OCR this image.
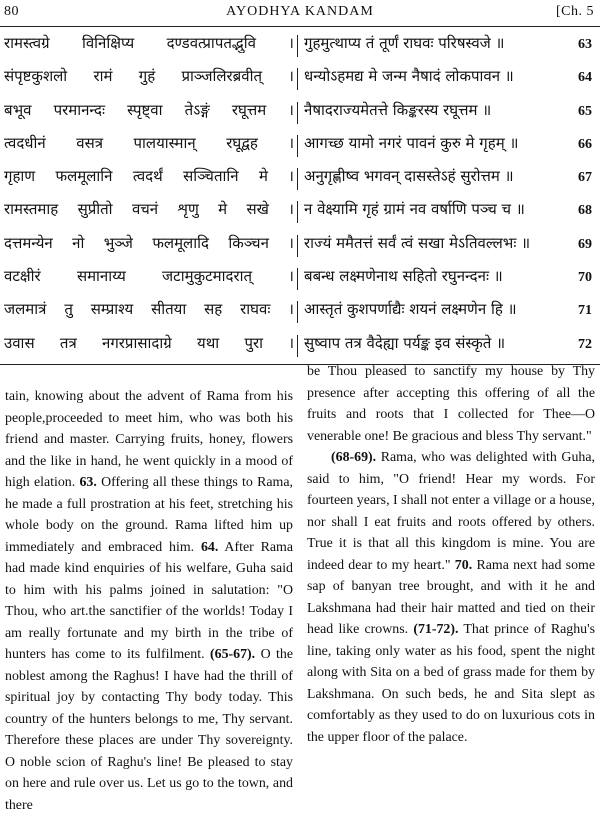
80	AYODHYA KANDAM	[Ch. 5
रामस्त्वग्रे विनिक्षिप्य दण्डवत्प्रापतद्भुवि । गुहमुत्थाप्य तं तूर्णं राघवः परिषस्वजे ॥	63
संपृष्टकुशलो रामं गुहं प्राञ्जलिरब्रवीत् । धन्योऽहमद्य मे जन्म नैषादं लोकपावन ॥	64
बभूव परमानन्दः स्पृष्ट्वा तेऽङ्गं रघूत्तम । नैषादराज्यमेतत्ते किङ्करस्य रघूत्तम ॥	65
त्वदधीनं वसत्र पालयास्मान् रघूद्वह । आगच्छ यामो नगरं पावनं कुरु मे गृहम् ॥	66
गृहाण फलमूलानि त्वदर्थं सञ्चितानि मे । अनुगृह्णीष्व भगवन् दासस्तेऽहं सुरोत्तम ॥	67
रामस्तमाह सुप्रीतो वचनं शृणु मे सखे । न वेक्ष्यामि गृहं ग्रामं नव वर्षाणि पञ्च च ॥	68
दत्तमन्येन नो भुञ्जे फलमूलादि किञ्चन । राज्यं ममैतत्तं सर्वं त्वं सखा मेऽतिवल्लभः ॥	69
वटक्षीरं समानाय्य जटामुकुटमादरात् । बबन्ध लक्ष्मणेनाथ सहितो रघुनन्दनः ॥	70
जलमात्रं तु सम्प्राश्य सीतया सह राघवः । आस्तृतं कुशपर्णाद्यैः शयनं लक्ष्मणेन हि ॥	71
उवास तत्र नगरप्रासादाग्रे यथा पुरा । सुष्वाप तत्र वैदेह्या पर्यङ्क इव संस्कृते ॥	72

tain, knowing about the advent of Rama from his people,proceeded to meet him, who was both his friend and master. Carrying fruits, honey, flowers and the like in hand, he went quickly in a mood of high elation. 63. Offering all these things to Rama, he made a full prostration at his feet, stretching his whole body on the ground. Rama lifted him up immediately and embraced him. 64. After Rama had made kind enquiries of his welfare, Guha said to him with his palms joined in salutation: "O Thou, who art.the sanctifier of the worlds! Today I am really fortunate and my birth in the tribe of hunters has come to its fulfilment. (65-67). O the noblest among the Raghus! I have had the thrill of spiritual joy by contacting Thy body today. This country of the hunters belongs to me, Thy servant. Therefore these places are under Thy sovereignty. O noble scion of Raghu's line! Be pleased to stay on here and rule over us. Let us go to the town, and there

be Thou pleased to sanctify my house by Thy presence after accepting this offering of all the fruits and roots that I collected for Thee—O venerable one! Be gracious and bless Thy servant."

(68-69). Rama, who was delighted with Guha, said to him, "O friend! Hear my words. For fourteen years, I shall not enter a village or a house, nor shall I eat fruits and roots offered by others. True it is that all this kingdom is mine. You are indeed dear to my heart." 70. Rama next had some sap of banyan tree brought, and with it he and Lakshmana had their hair matted and tied on their head like crowns. (71-72). That prince of Raghu's line, taking only water as his food, spent the night along with Sita on a bed of grass made for them by Lakshmana. On such beds, he and Sita slept as comfortably as they used to do on luxurious cots in the upper floor of the palace.
